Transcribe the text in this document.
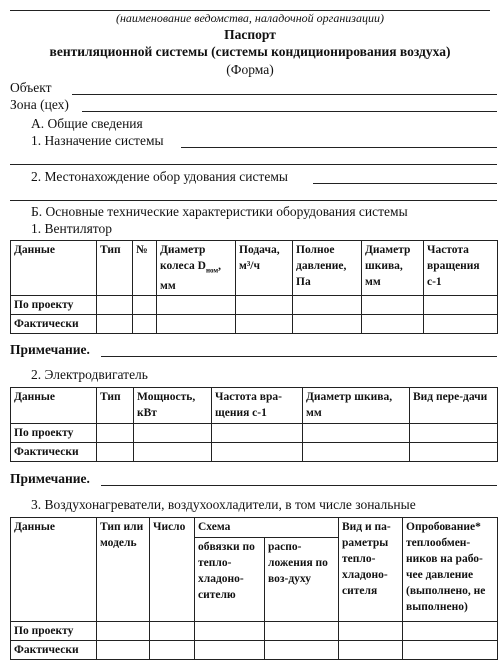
(наименование ведомства, наладочной организации)
Паспорт
вентиляционной системы (системы кондиционирования воздуха)
(Форма)
Объект
Зона (цех)
А. Общие сведения
1. Назначение системы
2. Местонахождение обор удования системы
Б. Основные технические характеристики оборудования системы
1. Вентилятор
Данные	Тип	№	Диаметр колеса $D_{ном}$, мм	Подача, м³/ч	Полное давление, Па	Диаметр шкива, мм	Частота вращения с-1
По проекту							
Фактически							
Примечание.
2. Электродвигатель
Данные	Тип	Мощность, кВт	Частота вра-щения с-1	Диаметр шкива, мм	Вид пере-дачи
По проекту					
Фактически					
Примечание.
3. Воздухонагреватели, воздухоохладители, в том числе зональные
Данные	Тип или модель	Число	Схема		Вид и па-раметры тепло-хладоно-сителя	Опробование* теплообмен-ников на рабо-чее давление (выполнено, не выполнено)
			обвязки по тепло-хладоно-сителю	распо-ложения по воз-духу		
По проекту						
Фактически						
